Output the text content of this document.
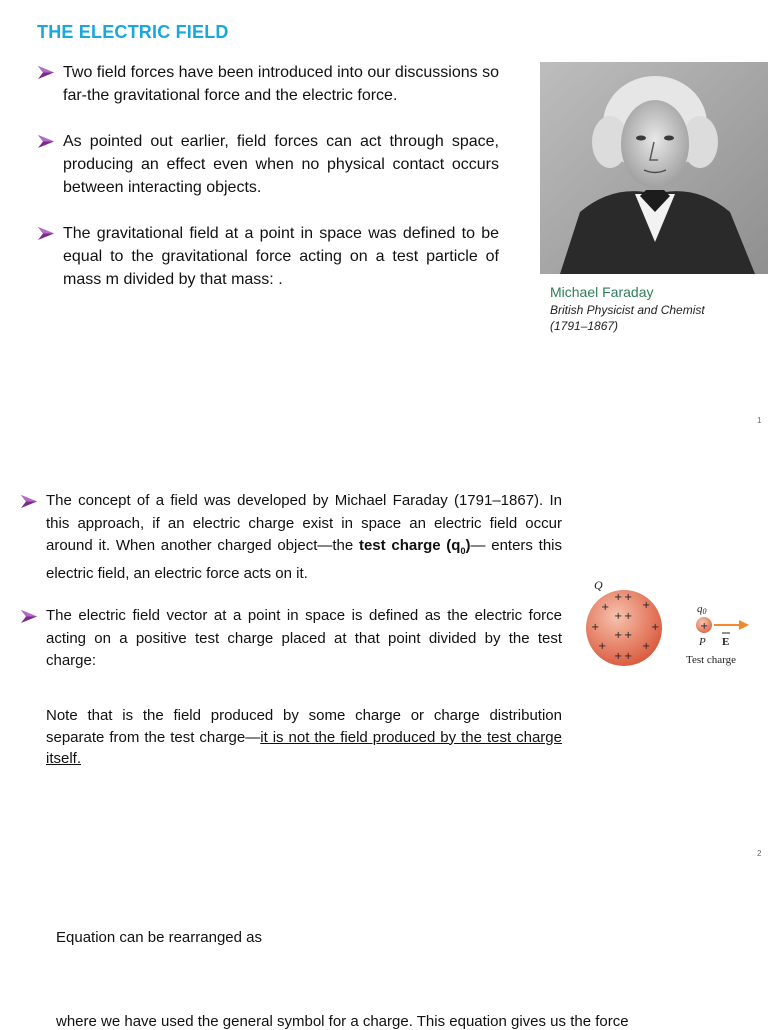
THE ELECTRIC FIELD
Two field forces have been introduced into our discussions so far-the gravitational force and the electric force.
As pointed out earlier, field forces can act through space, producing an effect even when no physical contact occurs between interacting objects.
The gravitational field at a point in space was defined to be equal to the gravitational force acting on a test particle of mass m divided by that mass: .
Michael Faraday
British Physicist and Chemist
(1791–1867)
1
The concept of a field was developed by Michael Faraday (1791–1867). In this approach, if an electric charge exist in space an electric field occur around it. When another charged object—the test charge $(q_0)—$ enters this electric field, an electric force acts on it.
The electric field vector at a point in space is defined as the electric force acting on a positive test charge placed at that point divided by the test charge:
Note that is the field produced by some charge or charge distribution separate from the test charge—it is not the field produced by the test charge itself.
Q
+ +
+	+
+ +
+	+
+ +
+	+
+ +
q0
+
P E
Test charge
2
Equation can be rearranged as
where we have used the general symbol for a charge. This equation gives us the force
